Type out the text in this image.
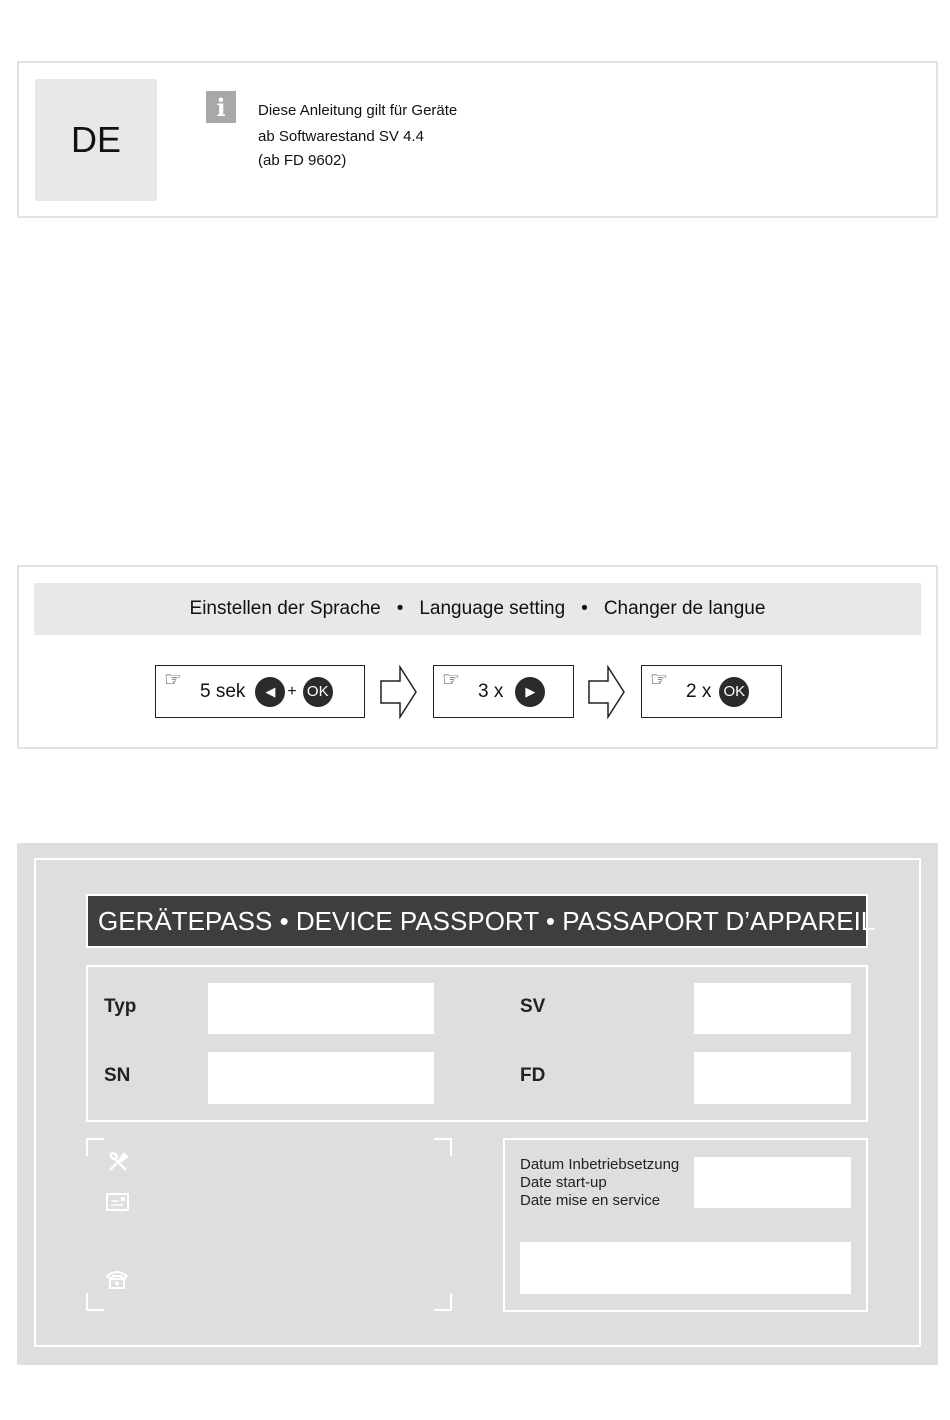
DE
i	Diese Anleitung gilt für Geräte
ab Softwarestand SV 4.4
(ab FD 9602)
Einstellen der Sprache • Language setting • Changer de langue
☞ 5 sek	◀ + OK
☞ 3 x	▶	☞ 2 x OK
GERÄTEPASS • DEVICE PASSPORT • PASSAPORT D’APPAREIL
Typ	SV
SN	FD
Datum Inbetriebsetzung
Date start-up
Date mise en service
